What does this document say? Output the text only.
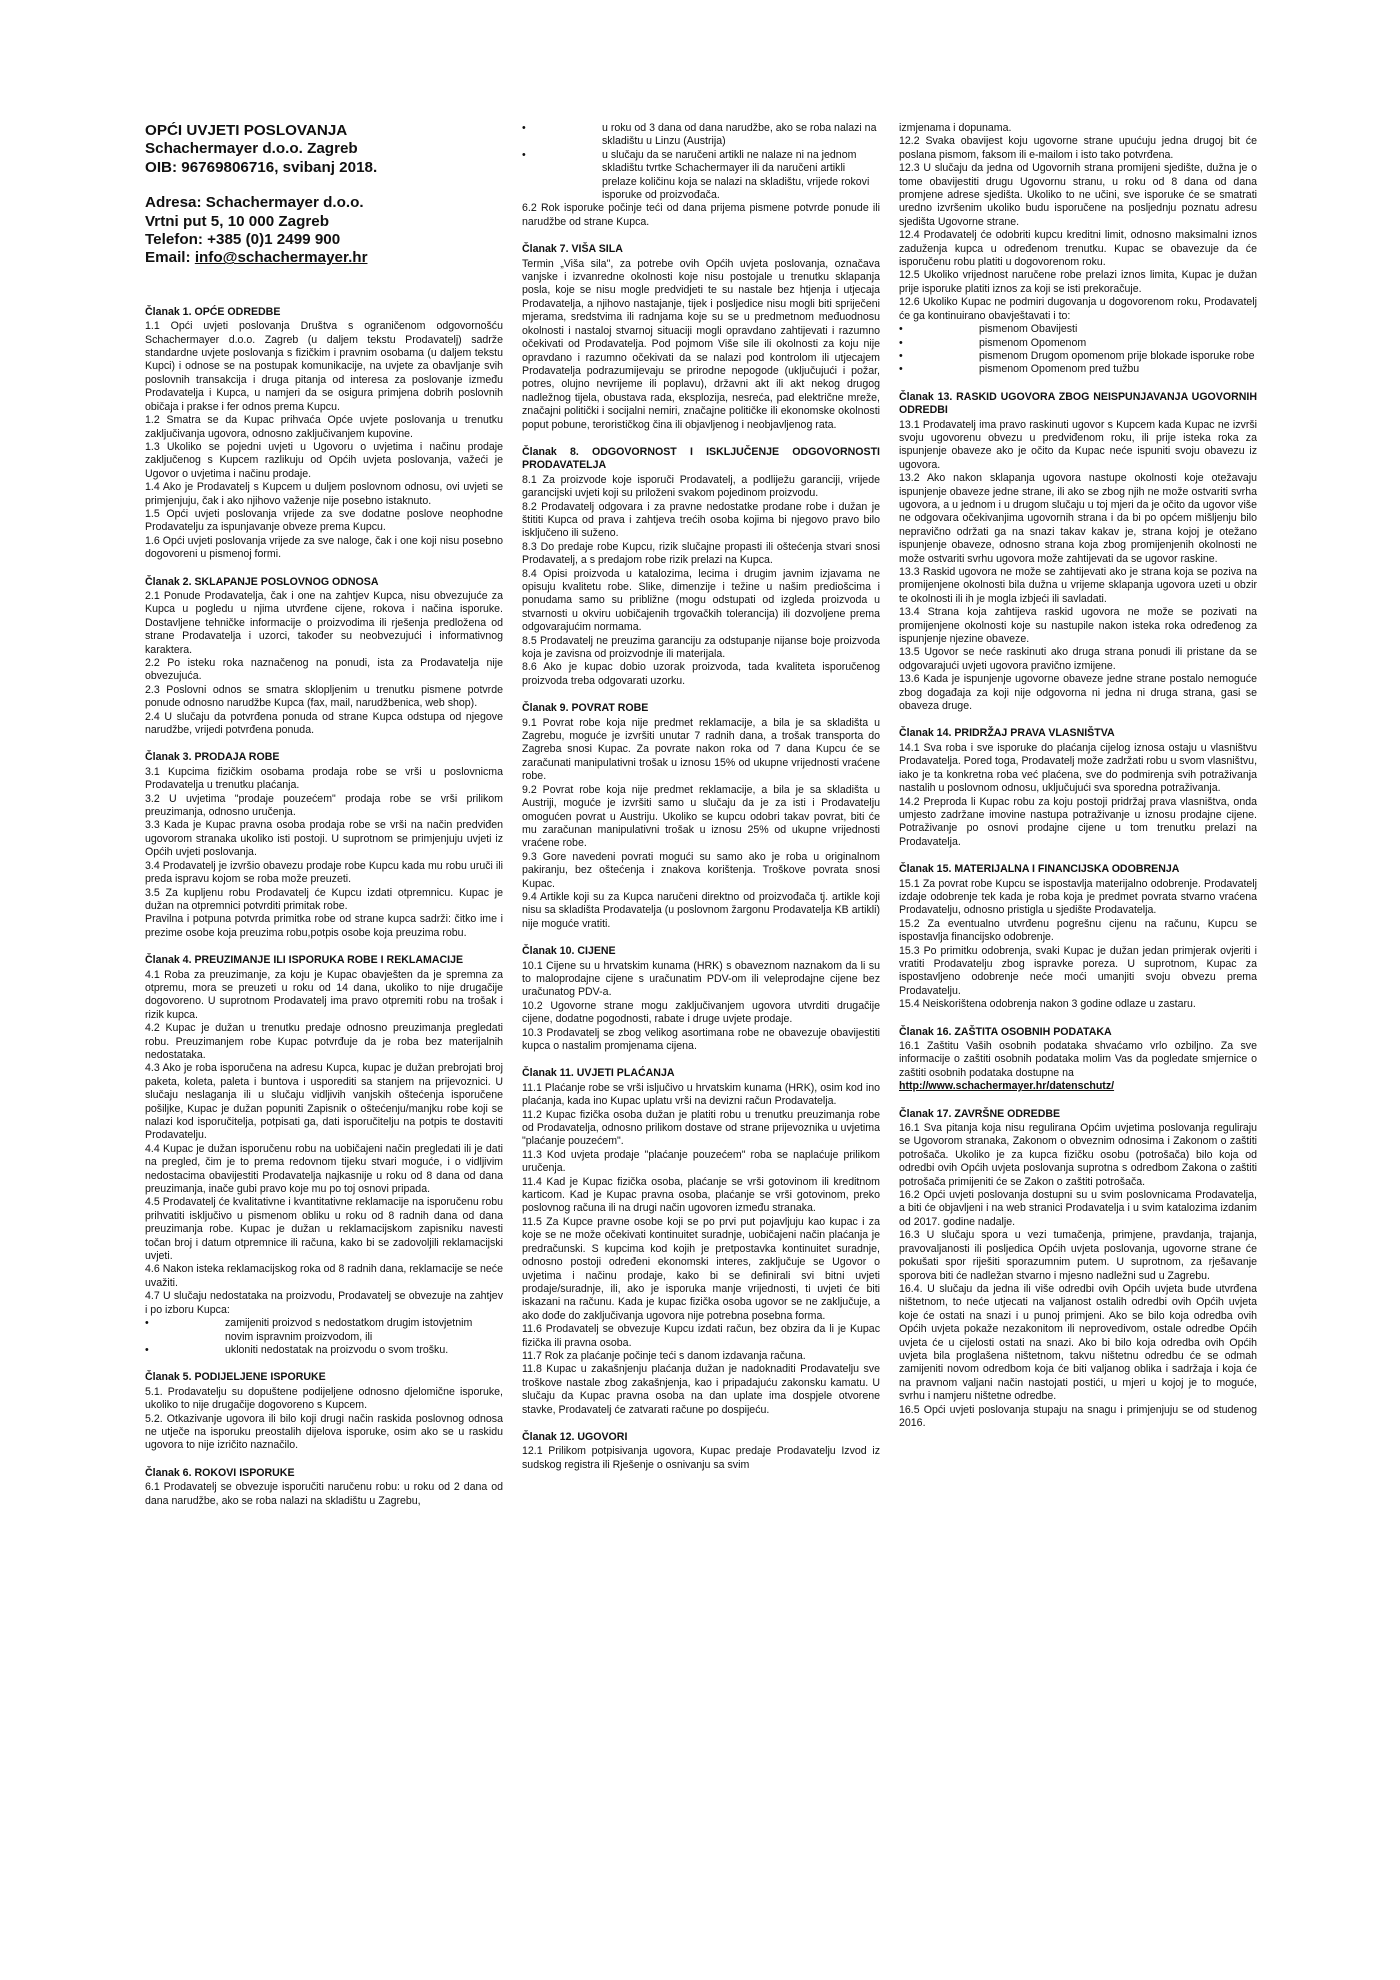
OPĆI UVJETI POSLOVANJA
Schachermayer d.o.o. Zagreb
OIB: 96769806716, svibanj 2018.
Adresa: Schachermayer d.o.o.
Vrtni put 5, 10 000 Zagreb
Telefon: +385 (0)1 2499 900
Email: info@schachermayer.hr
Članak 1. OPĆE ODREDBE

1.1 Opći uvjeti poslovanja Društva s ograničenom odgovornošću Schachermayer d.o.o. Zagreb (u daljem tekstu Prodavatelj) sadrže standardne uvjete poslovanja s fizičkim i pravnim osobama (u daljem tekstu Kupci) i odnose se na postupak komunikacije, na uvjete za obavljanje svih poslovnih transakcija i druga pitanja od interesa za poslovanje između Prodavatelja i Kupca, u namjeri da se osigura primjena dobrih poslovnih običaja i prakse i fer odnos prema Kupcu.

1.2 Smatra se da Kupac prihvaća Opće uvjete poslovanja u trenutku zaključivanja ugovora, odnosno zaključivanjem kupovine.

1.3 Ukoliko se pojedni uvjeti u Ugovoru o uvjetima i načinu prodaje zaključenog s Kupcem razlikuju od Općih uvjeta poslovanja, važeći je Ugovor o uvjetima i načinu prodaje.

1.4 Ako je Prodavatelj s Kupcem u duljem poslovnom odnosu, ovi uvjeti se primjenjuju, čak i ako njihovo važenje nije posebno istaknuto.

1.5 Opći uvjeti poslovanja vrijede za sve dodatne poslove neophodne Prodavatelju za ispunjavanje obveze prema Kupcu.

1.6 Opći uvjeti poslovanja vrijede za sve naloge, čak i one koji nisu posebno dogovoreni u pismenoj formi.

Članak 2. SKLAPANJE POSLOVNOG ODNOSA

2.1 Ponude Prodavatelja, čak i one na zahtjev Kupca, nisu obvezujuće za Kupca u pogledu u njima utvrđene cijene, rokova i načina isporuke. Dostavljene tehničke informacije o proizvodima ili rješenja predložena od strane Prodavatelja i uzorci, također su neobvezujući i informativnog karaktera.

2.2 Po isteku roka naznačenog na ponudi, ista za Prodavatelja nije obvezujuća.

2.3 Poslovni odnos se smatra sklopljenim u trenutku pismene potvrde ponude odnosno narudžbe Kupca (fax, mail, narudžbenica, web shop).

2.4 U slučaju da potvrđena ponuda od strane Kupca odstupa od njegove narudžbe, vrijedi potvrđena ponuda.

Članak 3. PRODAJA ROBE

3.1 Kupcima fizičkim osobama prodaja robe se vrši u poslovnicma Prodavatelja u trenutku plaćanja.

3.2 U uvjetima "prodaje pouzećem" prodaja robe se vrši prilikom preuzimanja, odnosno uručenja.

3.3 Kada je Kupac pravna osoba prodaja robe se vrši na način predviđen ugovorom stranaka ukoliko isti postoji. U suprotnom se primjenjuju uvjeti iz Općih uvjeti poslovanja.

3.4 Prodavatelj je izvršio obavezu prodaje robe Kupcu kada mu robu uruči ili preda ispravu kojom se roba može preuzeti.

3.5 Za kupljenu robu Prodavatelj će Kupcu izdati otpremnicu. Kupac je dužan na otpremnici potvrditi primitak robe.

Pravilna i potpuna potvrda primitka robe od strane kupca sadrži: čitko ime i prezime osobe koja preuzima robu,potpis osobe koja preuzima robu.

Članak 4. PREUZIMANJE ILI ISPORUKA ROBE I REKLAMACIJE

4.1 Roba za preuzimanje, za koju je Kupac obavješten da je spremna za otpremu, mora se preuzeti u roku od 14 dana, ukoliko to nije drugačije dogovoreno. U suprotnom Prodavatelj ima pravo otpremiti robu na trošak i rizik kupca.

4.2 Kupac je dužan u trenutku predaje odnosno preuzimanja pregledati robu. Preuzimanjem robe Kupac potvrđuje da je roba bez materijalnih nedostataka.

4.3 Ako je roba isporučena na adresu Kupca, kupac je dužan prebrojati broj paketa, koleta, paleta i buntova i usporediti sa stanjem na prijevoznici. U slučaju neslaganja ili u slučaju vidljivih vanjskih oštećenja isporučene pošiljke, Kupac je dužan popuniti Zapisnik o oštećenju/manjku robe koji se nalazi kod isporučitelja, potpisati ga, dati isporučitelju na potpis te dostaviti Prodavatelju.

4.4 Kupac je dužan isporučenu robu na uobičajeni način pregledati ili je dati na pregled, čim je to prema redovnom tijeku stvari moguće, i o vidljivim nedostacima obavijestiti Prodavatelja najkasnije u roku od 8 dana od dana preuzimanja, inače gubi pravo koje mu po toj osnovi pripada.

4.5 Prodavatelj će kvalitativne i kvantitativne reklamacije na isporučenu robu prihvatiti isključivo u pismenom obliku u roku od 8 radnih dana od dana preuzimanja robe. Kupac je dužan u reklamacijskom zapisniku navesti točan broj i datum otpremnice ili računa, kako bi se zadovoljili reklamacijski uvjeti.

4.6 Nakon isteka reklamacijskog roka od 8 radnih dana, reklamacije se neće uvažiti.

4.7 U slučaju nedostataka na proizvodu, Prodavatelj se obvezuje na zahtjev i po izboru Kupca:

• zamijeniti proizvod s nedostatkom drugim istovjetnim novim ispravnim proizvodom, ili

• ukloniti nedostatak na proizvodu o svom trošku.

Članak 5. PODIJELJENE ISPORUKE

5.1. Prodavatelju su dopuštene podijeljene odnosno djelomične isporuke, ukoliko to nije drugačije dogovoreno s Kupcem.

5.2. Otkazivanje ugovora ili bilo koji drugi način raskida poslovnog odnosa ne utječe na isporuku preostalih dijelova isporuke, osim ako se u raskidu ugovora to nije izričito naznačilo.

Članak 6. ROKOVI ISPORUKE

6.1 Prodavatelj se obvezuje isporučiti naručenu robu: u roku od 2 dana od dana narudžbe, ako se roba nalazi na skladištu u Zagrebu,

• u roku od 3 dana od dana narudžbe, ako se roba nalazi na skladištu u Linzu (Austrija)

• u slučaju da se naručeni artikli ne nalaze ni na jednom skladištu tvrtke Schachermayer ili da naručeni artikli prelaze količinu koja se nalazi na skladištu, vrijede rokovi isporuke od proizvođača.

6.2 Rok isporuke počinje teći od dana prijema pismene potvrde ponude ili narudžbe od strane Kupca.

Članak 7. VIŠA SILA

Termin „Viša sila", za potrebe ovih Općih uvjeta poslovanja, označava vanjske i izvanredne okolnosti koje nisu postojale u trenutku sklapanja posla, koje se nisu mogle predvidjeti te su nastale bez htjenja i utjecaja Prodavatelja, a njihovo nastajanje, tijek i posljedice nisu mogli biti spriječeni mjerama, sredstvima ili radnjama koje su se u predmetnom međuodnosu okolnosti i nastaloj stvarnoj situaciji mogli opravdano zahtijevati i razumno očekivati od Prodavatelja. Pod pojmom Više sile ili okolnosti za koju nije opravdano i razumno očekivati da se nalazi pod kontrolom ili utjecajem Prodavatelja podrazumijevaju se prirodne nepogode (uključujući i požar, potres, olujno nevrijeme ili poplavu), državni akt ili akt nekog drugog nadležnog tijela, obustava rada, eksplozija, nesreća, pad električne mreže, značajni politički i socijalni nemiri, značajne političke ili ekonomske okolnosti poput pobune, terorističkog čina ili objavljenog i neobjavljenog rata.

Članak 8. ODGOVORNOST I ISKLJUČENJE ODGOVORNOSTI PRODAVATELJA

8.1 Za proizvode koje isporuči Prodavatelj, a podliježu garanciji, vrijede garancijski uvjeti koji su priloženi svakom pojedinom proizvodu.

8.2 Prodavatelj odgovara i za pravne nedostatke prodane robe i dužan je štititi Kupca od prava i zahtjeva trećih osoba kojima bi njegovo pravo bilo isključeno ili suženo.

8.3 Do predaje robe Kupcu, rizik slučajne propasti ili oštećenja stvari snosi Prodavatelj, a s predajom robe rizik prelazi na Kupca.

8.4 Opisi proizvoda u katalozima, lecima i drugim javnim izjavama ne opisuju kvalitetu robe. Slike, dimenzije i težine u našim prediošcima i ponudama samo su približne (mogu odstupati od izgleda proizvoda u stvarnosti u okviru uobičajenih trgovačkih tolerancija) ili dozvoljene prema odgovarajućim normama.

8.5 Prodavatelj ne preuzima garanciju za odstupanje nijanse boje proizvoda koja je zavisna od proizvodnje ili materijala.

8.6 Ako je kupac dobio uzorak proizvoda, tada kvaliteta isporučenog proizvoda treba odgovarati uzorku.

Članak 9. POVRAT ROBE

9.1 Povrat robe koja nije predmet reklamacije, a bila je sa skladišta u Zagrebu, moguće je izvršiti unutar 7 radnih dana, a trošak transporta do Zagreba snosi Kupac. Za povrate nakon roka od 7 dana Kupcu će se zaračunati manipulativni trošak u iznosu 15% od ukupne vrijednosti vraćene robe.

9.2 Povrat robe koja nije predmet reklamacije, a bila je sa skladišta u Austriji, moguće je izvršiti samo u slučaju da je za isti i Prodavatelju omogućen povrat u Austriju. Ukoliko se kupcu odobri takav povrat, biti će mu zaračunan manipulativni trošak u iznosu 25% od ukupne vrijednosti vraćene robe.

9.3 Gore navedeni povrati mogući su samo ako je roba u originalnom pakiranju, bez oštećenja i znakova korištenja. Troškove povrata snosi Kupac.

9.4 Artikle koji su za Kupca naručeni direktno od proizvođača tj. artikle koji nisu sa skladišta Prodavatelja (u poslovnom žargonu Prodavatelja KB artikli) nije moguće vratiti.

Članak 10. CIJENE

10.1 Cijene su u hrvatskim kunama (HRK) s obaveznom naznakom da li su to maloprodajne cijene s uračunatim PDV-om ili veleprodajne cijene bez uračunatog PDV-a.

10.2 Ugovorne strane mogu zaključivanjem ugovora utvrditi drugačije cijene, dodatne pogodnosti, rabate i druge uvjete prodaje.

10.3 Prodavatelj se zbog velikog asortimana robe ne obavezuje obavijestiti kupca o nastalim promjenama cijena.

Članak 11. UVJETI PLAĆANJA

11.1 Plaćanje robe se vrši isljučivo u hrvatskim kunama (HRK), osim kod ino plaćanja, kada ino Kupac uplatu vrši na devizni račun Prodavatelja.

11.2 Kupac fizička osoba dužan je platiti robu u trenutku preuzimanja robe od Prodavatelja, odnosno prilikom dostave od strane prijevoznika u uvjetima "plaćanje pouzećem".

11.3 Kod uvjeta prodaje "plaćanje pouzećem" roba se naplaćuje prilikom uručenja.

11.4 Kad je Kupac fizička osoba, plaćanje se vrši gotovinom ili kreditnom karticom. Kad je Kupac pravna osoba, plaćanje se vrši gotovinom, preko poslovnog računa ili na drugi način ugovoren između stranaka.

11.5 Za Kupce pravne osobe koji se po prvi put pojavljuju kao kupac i za koje se ne može očekivati kontinuitet suradnje, uobičajeni način plaćanja je predračunski. S kupcima kod kojih je pretpostavka kontinuitet suradnje, odnosno postoji određeni ekonomski interes, zaključuje se Ugovor o uvjetima i načinu prodaje, kako bi se definirali svi bitni uvjeti prodaje/suradnje, ili, ako je isporuka manje vrijednosti, ti uvjeti će biti iskazani na računu. Kada je kupac fizička osoba ugovor se ne zaključuje, a ako dođe do zaključivanja ugovora nije potrebna posebna forma.

11.6 Prodavatelj se obvezuje Kupcu izdati račun, bez obzira da li je Kupac fizička ili pravna osoba.

11.7 Rok za plaćanje počinje teći s danom izdavanja računa.

11.8 Kupac u zakašnjenju plaćanja dužan je nadoknaditi Prodavatelju sve troškove nastale zbog zakašnjenja, kao i pripadajuću zakonsku kamatu. U slučaju da Kupac pravna osoba na dan uplate ima dospjele otvorene stavke, Prodavatelj će zatvarati račune po dospijeću.

Članak 12. UGOVORI

12.1 Prilikom potpisivanja ugovora, Kupac predaje Prodavatelju Izvod iz sudskog registra ili Rješenje o osnivanju sa svim

izmjenama i dopunama.

12.2 Svaka obavijest koju ugovorne strane upućuju jedna drugoj bit će poslana pismom, faksom ili e-mailom i isto tako potvrđena.

12.3 U slučaju da jedna od Ugovornih strana promijeni sjedište, dužna je o tome obavijestiti drugu Ugovornu stranu, u roku od 8 dana od dana promjene adrese sjedišta. Ukoliko to ne učini, sve isporuke će se smatrati uredno izvršenim ukoliko budu isporučene na posljednju poznatu adresu sjedišta Ugovorne strane.

12.4 Prodavatelj će odobriti kupcu kreditni limit, odnosno maksimalni iznos zaduženja kupca u određenom trenutku. Kupac se obavezuje da će isporučenu robu platiti u dogovorenom roku.

12.5 Ukoliko vrijednost naručene robe prelazi iznos limita, Kupac je dužan prije isporuke platiti iznos za koji se isti prekoračuje.

12.6 Ukoliko Kupac ne podmiri dugovanja u dogovorenom roku, Prodavatelj će ga kontinuirano obavještavati i to:

• pismenom Obavijesti

• pismenom Opomenom

• pismenom Drugom opomenom prije blokade isporuke robe

• pismenom Opomenom pred tužbu

Članak 13. RASKID UGOVORA ZBOG NEISPUNJAVANJA UGOVORNIH ODREDBI

13.1 Prodavatelj ima pravo raskinuti ugovor s Kupcem kada Kupac ne izvrši svoju ugovorenu obvezu u predviđenom roku, ili prije isteka roka za ispunjenje obaveze ako je očito da Kupac neće ispuniti svoju obavezu iz ugovora.

13.2 Ako nakon sklapanja ugovora nastupe okolnosti koje otežavaju ispunjenje obaveze jedne strane, ili ako se zbog njih ne može ostvariti svrha ugovora, a u jednom i u drugom slučaju u toj mjeri da je očito da ugovor više ne odgovara očekivanjima ugovornih strana i da bi po općem mišljenju bilo nepravično održati ga na snazi takav kakav je, strana kojoj je otežano ispunjenje obaveze, odnosno strana koja zbog promijenjenih okolnosti ne može ostvariti svrhu ugovora može zahtijevati da se ugovor raskine.

13.3 Raskid ugovora ne može se zahtijevati ako je strana koja se poziva na promijenjene okolnosti bila dužna u vrijeme sklapanja ugovora uzeti u obzir te okolnosti ili ih je mogla izbjeći ili savladati.

13.4 Strana koja zahtijeva raskid ugovora ne može se pozivati na promijenjene okolnosti koje su nastupile nakon isteka roka određenog za ispunjenje njezine obaveze.

13.5 Ugovor se neće raskinuti ako druga strana ponudi ili pristane da se odgovarajući uvjeti ugovora pravično izmijene.

13.6 Kada je ispunjenje ugovorne obaveze jedne strane postalo nemoguće zbog događaja za koji nije odgovorna ni jedna ni druga strana, gasi se obaveza druge.

Članak 14. PRIDRŽAJ PRAVA VLASNIŠTVA

14.1 Sva roba i sve isporuke do plaćanja cijelog iznosa ostaju u vlasništvu Prodavatelja. Pored toga, Prodavatelj može zadržati robu u svom vlasništvu, iako je ta konkretna roba već plaćena, sve do podmirenja svih potraživanja nastalih u poslovnom odnosu, uključujući sva sporedna potraživanja.

14.2 Preproda li Kupac robu za koju postoji pridržaj prava vlasništva, onda umjesto zadržane imovine nastupa potraživanje u iznosu prodajne cijene. Potraživanje po osnovi prodajne cijene u tom trenutku prelazi na Prodavatelja.

Članak 15. MATERIJALNA I FINANCIJSKA ODOBRENJA

15.1 Za povrat robe Kupcu se ispostavlja materijalno odobrenje. Prodavatelj izdaje odobrenje tek kada je roba koja je predmet povrata stvarno vraćena Prodavatelju, odnosno pristigla u sjedište Prodavatelja.

15.2 Za eventualno utvrđenu pogrešnu cijenu na računu, Kupcu se ispostavlja financijsko odobrenje.

15.3 Po primitku odobrenja, svaki Kupac je dužan jedan primjerak ovjeriti i vratiti Prodavatelju zbog ispravke poreza. U suprotnom, Kupac za ispostavljeno odobrenje neće moći umanjiti svoju obvezu prema Prodavatelju.

15.4 Neiskorištena odobrenja nakon 3 godine odlaze u zastaru.

Članak 16. ZAŠTITA OSOBNIH PODATAKA

16.1 Zaštitu Vaših osobnih podataka shvaćamo vrlo ozbiljno. Za sve informacije o zaštiti osobnih podataka molim Vas da pogledate smjernice o zaštiti osobnih podataka dostupne na

http://www.schachermayer.hr/datenschutz/

Članak 17. ZAVRŠNE ODREDBE

16.1 Sva pitanja koja nisu regulirana Općim uvjetima poslovanja reguliraju se Ugovorom stranaka, Zakonom o obveznim odnosima i Zakonom o zaštiti potrošača. Ukoliko je za kupca fizičku osobu (potrošača) bilo koja od odredbi ovih Općih uvjeta poslovanja suprotna s odredbom Zakona o zaštiti potrošača primijeniti će se Zakon o zaštiti potrošača.

16.2 Opći uvjeti poslovanja dostupni su u svim poslovnicama Prodavatelja, a biti će objavljeni i na web stranici Prodavatelja i u svim katalozima izdanim od 2017. godine nadalje.

16.3 U slučaju spora u vezi tumačenja, primjene, pravdanja, trajanja, pravovaljanosti ili posljedica Općih uvjeta poslovanja, ugovorne strane će pokušati spor riješiti sporazumnim putem. U suprotnom, za rješavanje sporova biti će nadležan stvarno i mjesno nadležni sud u Zagrebu.

16.4. U slučaju da jedna ili više odredbi ovih Općih uvjeta bude utvrđena ništetnom, to neće utjecati na valjanost ostalih odredbi ovih Općih uvjeta koje će ostati na snazi i u punoj primjeni. Ako se bilo koja odredba ovih Općih uvjeta pokaže nezakonitom ili neprovedivom, ostale odredbe Općih uvjeta će u cijelosti ostati na snazi. Ako bi bilo koja odredba ovih Općih uvjeta bila proglašena ništetnom, takvu ništetnu odredbu će se odmah zamijeniti novom odredbom koja će biti valjanog oblika i sadržaja i koja će na pravnom valjani način nastojati postići, u mjeri u kojoj je to moguće, svrhu i namjeru ništetne odredbe.

16.5 Opći uvjeti poslovanja stupaju na snagu i primjenjuju se od studenog 2016.
